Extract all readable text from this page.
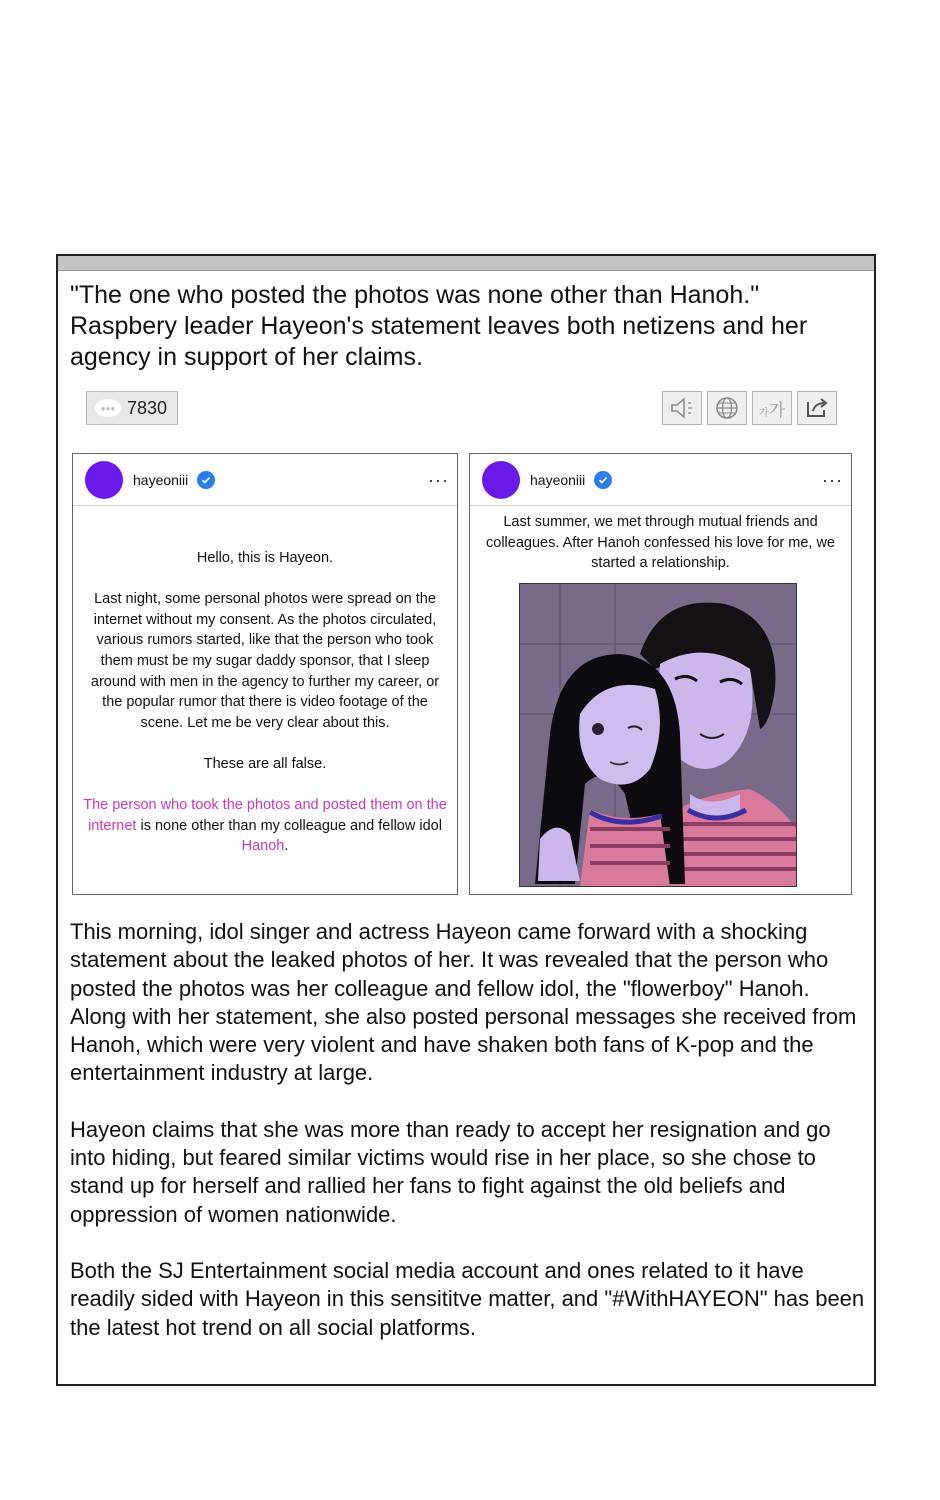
"The one who posted the photos was none other than Hanoh." Raspbery leader Hayeon's statement leaves both netizens and her agency in support of her claims.
●●● 7830	가가
hayeoniii	···
Hello, this is Hayeon.
Last night, some personal photos were spread on the internet without my consent. As the photos circulated, various rumors started, like that the person who took them must be my sugar daddy sponsor, that I sleep around with men in the agency to further my career, or the popular rumor that there is video footage of the scene. Let me be very clear about this.
These are all false.
The person who took the photos and posted them on the internet is none other than my colleague and fellow idol Hanoh.
hayeoniii	···
Last summer, we met through mutual friends and colleagues. After Hanoh confessed his love for me, we started a relationship.

This morning, idol singer and actress Hayeon came forward with a shocking statement about the leaked photos of her. It was revealed that the person who posted the photos was her colleague and fellow idol, the "flowerboy" Hanoh. Along with her statement, she also posted personal messages she received from Hanoh, which were very violent and have shaken both fans of K-pop and the entertainment industry at large.

Hayeon claims that she was more than ready to accept her resignation and go into hiding, but feared similar victims would rise in her place, so she chose to stand up for herself and rallied her fans to fight against the old beliefs and oppression of women nationwide.

Both the SJ Entertainment social media account and ones related to it have readily sided with Hayeon in this sensititve matter, and "#WithHAYEON" has been the latest hot trend on all social platforms.
